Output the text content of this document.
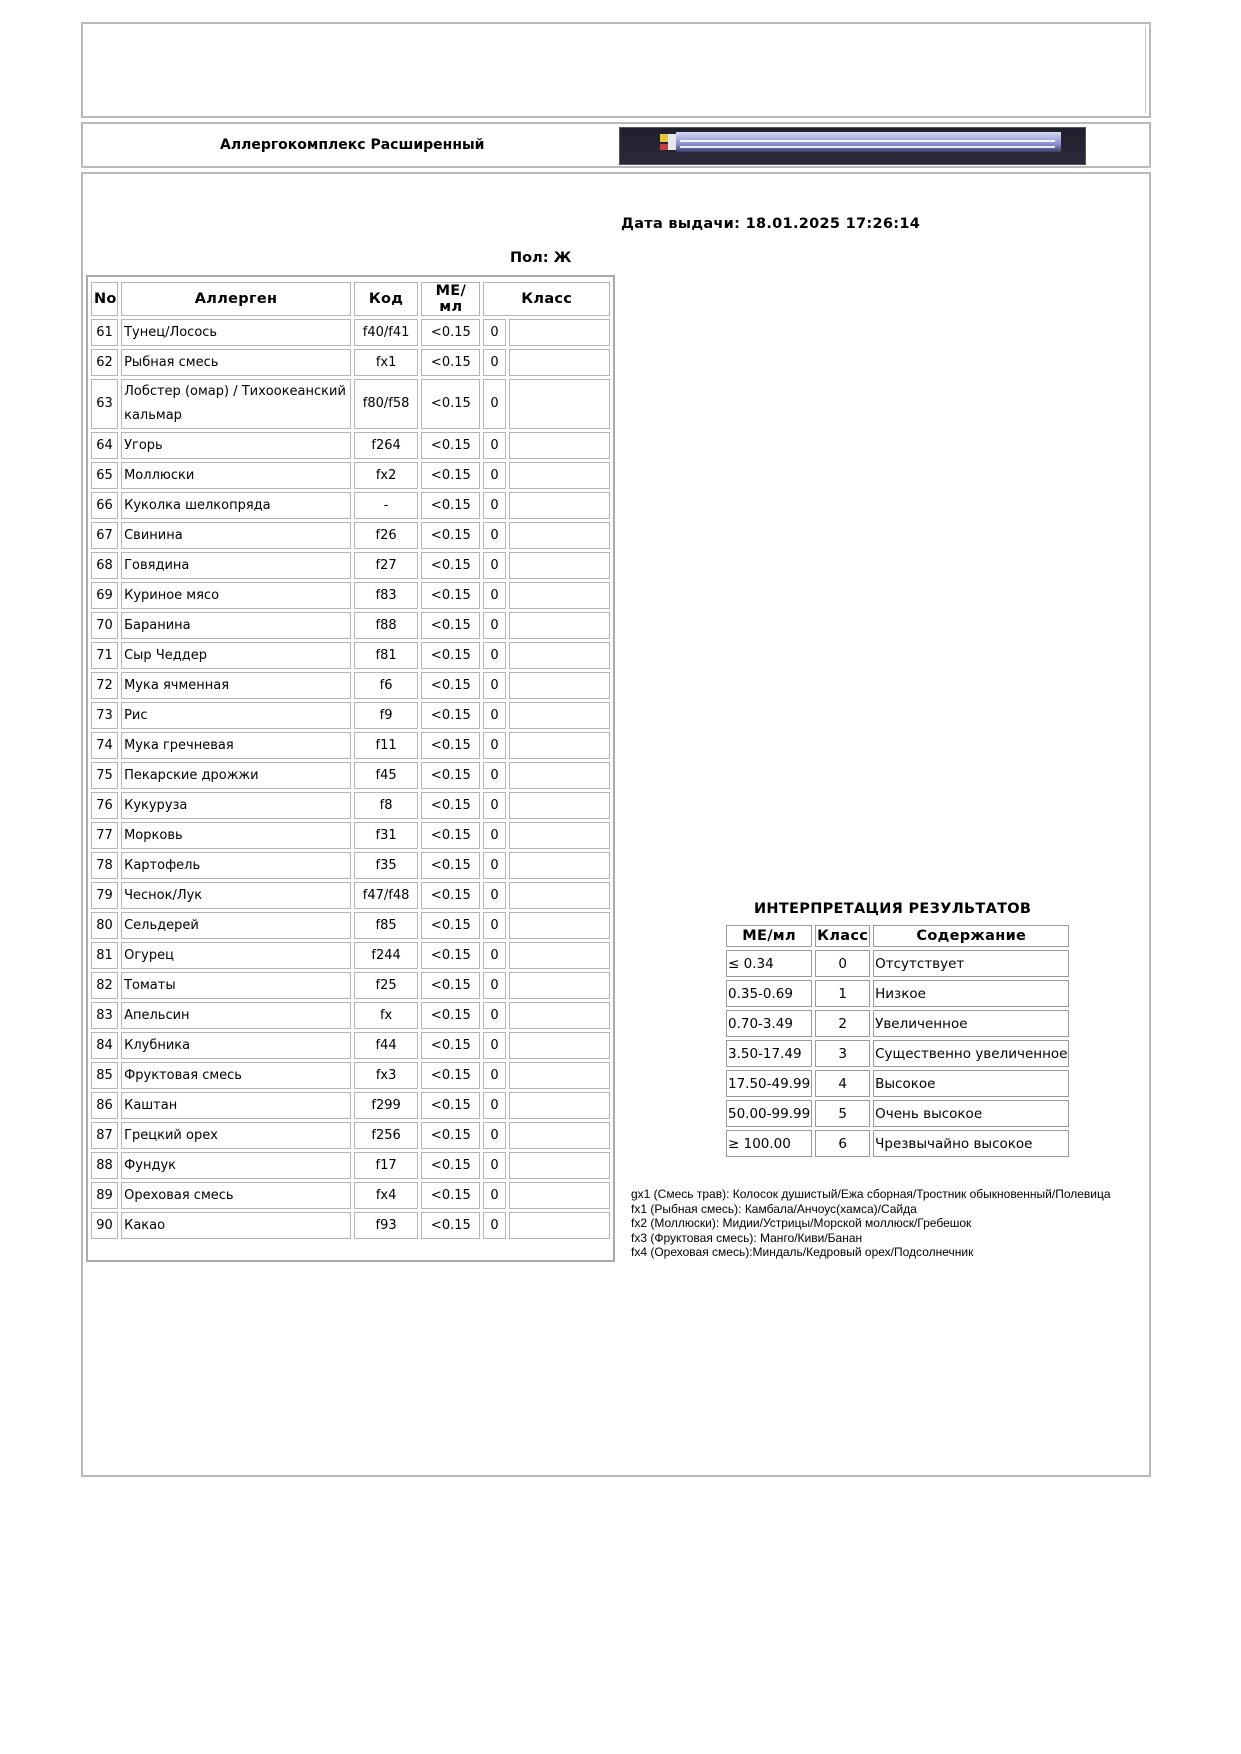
Аллергокомплекс Расширенный
Дата выдачи: 18.01.2025 17:26:14
Пол: Ж
No	Аллерген	Код	МЕ/мл	Класс	
61	Тунец/Лосось	f40/f41	<0.15	0	
62	Рыбная смесь	fx1	<0.15	0	
63	Лобстер (омар) / Тихоокеанский кальмар	f80/f58	<0.15	0	
64	Угорь	f264	<0.15	0	
65	Моллюски	fx2	<0.15	0	
66	Куколка шелкопряда	-	<0.15	0	
67	Свинина	f26	<0.15	0	
68	Говядина	f27	<0.15	0	
69	Куриное мясо	f83	<0.15	0	
70	Баранина	f88	<0.15	0	
71	Сыр Чеддер	f81	<0.15	0	
72	Мука ячменная	f6	<0.15	0	
73	Рис	f9	<0.15	0	
74	Мука гречневая	f11	<0.15	0	
75	Пекарские дрожжи	f45	<0.15	0	
76	Кукуруза	f8	<0.15	0	
77	Морковь	f31	<0.15	0	
78	Картофель	f35	<0.15	0	
79	Чеснок/Лук	f47/f48	<0.15	0	
80	Сельдерей	f85	<0.15	0	
81	Огурец	f244	<0.15	0	
82	Томаты	f25	<0.15	0	
83	Апельсин	fx	<0.15	0	
84	Клубника	f44	<0.15	0	
85	Фруктовая смесь	fx3	<0.15	0	
86	Каштан	f299	<0.15	0	
87	Грецкий орех	f256	<0.15	0	
88	Фундук	f17	<0.15	0	
89	Ореховая смесь	fx4	<0.15	0	
90	Какао	f93	<0.15	0	
ИНТЕРПРЕТАЦИЯ РЕЗУЛЬТАТОВ
МЕ/мл	Класс	Содержание
≤ 0.34	0	Отсутствует
0.35-0.69	1	Низкое
0.70-3.49	2	Увеличенное
3.50-17.49	3	Существенно увеличенное
17.50-49.99	4	Высокое
50.00-99.99	5	Очень высокое
≥ 100.00	6	Чрезвычайно высокое
gx1 (Смесь трав): Колосок душистый/Ежа сборная/Тростник обыкновенный/Полевица
fx1 (Рыбная смесь): Камбала/Анчоус(хамса)/Сайда
fx2 (Моллюски): Мидии/Устрицы/Морской моллюск/Гребешок
fx3 (Фруктовая смесь): Манго/Киви/Банан
fx4 (Ореховая смесь):Миндаль/Кедровый орех/Подсолнечник
